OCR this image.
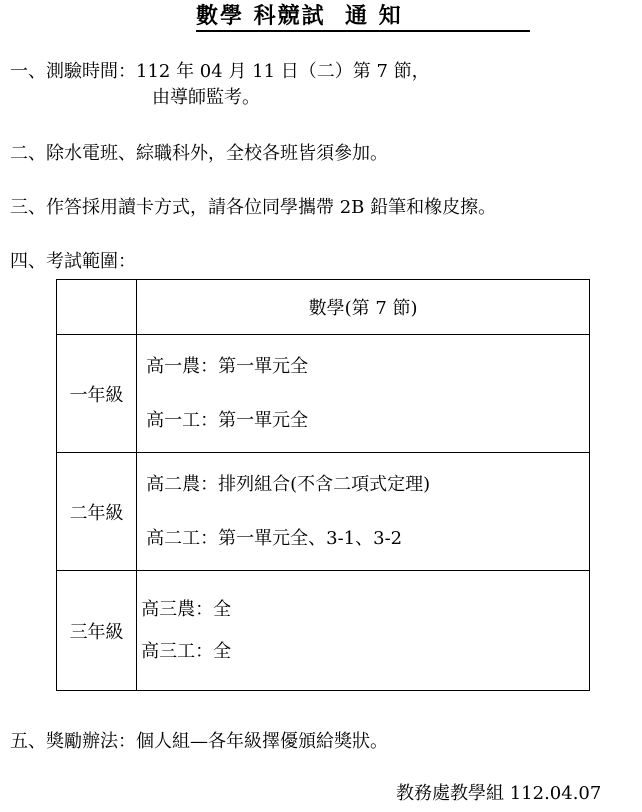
數學 科競試  通 知
一、測驗時間：112 年 04 月 11 日（二）第 7 節，
由導師監考。
二、除水電班、綜職科外，全校各班皆須參加。
三、作答採用讀卡方式，請各位同學攜帶 2B 鉛筆和橡皮擦。
四、考試範圍：
	數學(第 7 節)
一年級	高一農：第一單元全
高一工：第一單元全

二年級	高二農：排列組合(不含二項式定理)
高二工：第一單元全、3-1、3-2

三年級	高三農：全
高三工：全
五、獎勵辦法：個人組—各年級擇優頒給獎狀。
教務處教學組 112.04.07
